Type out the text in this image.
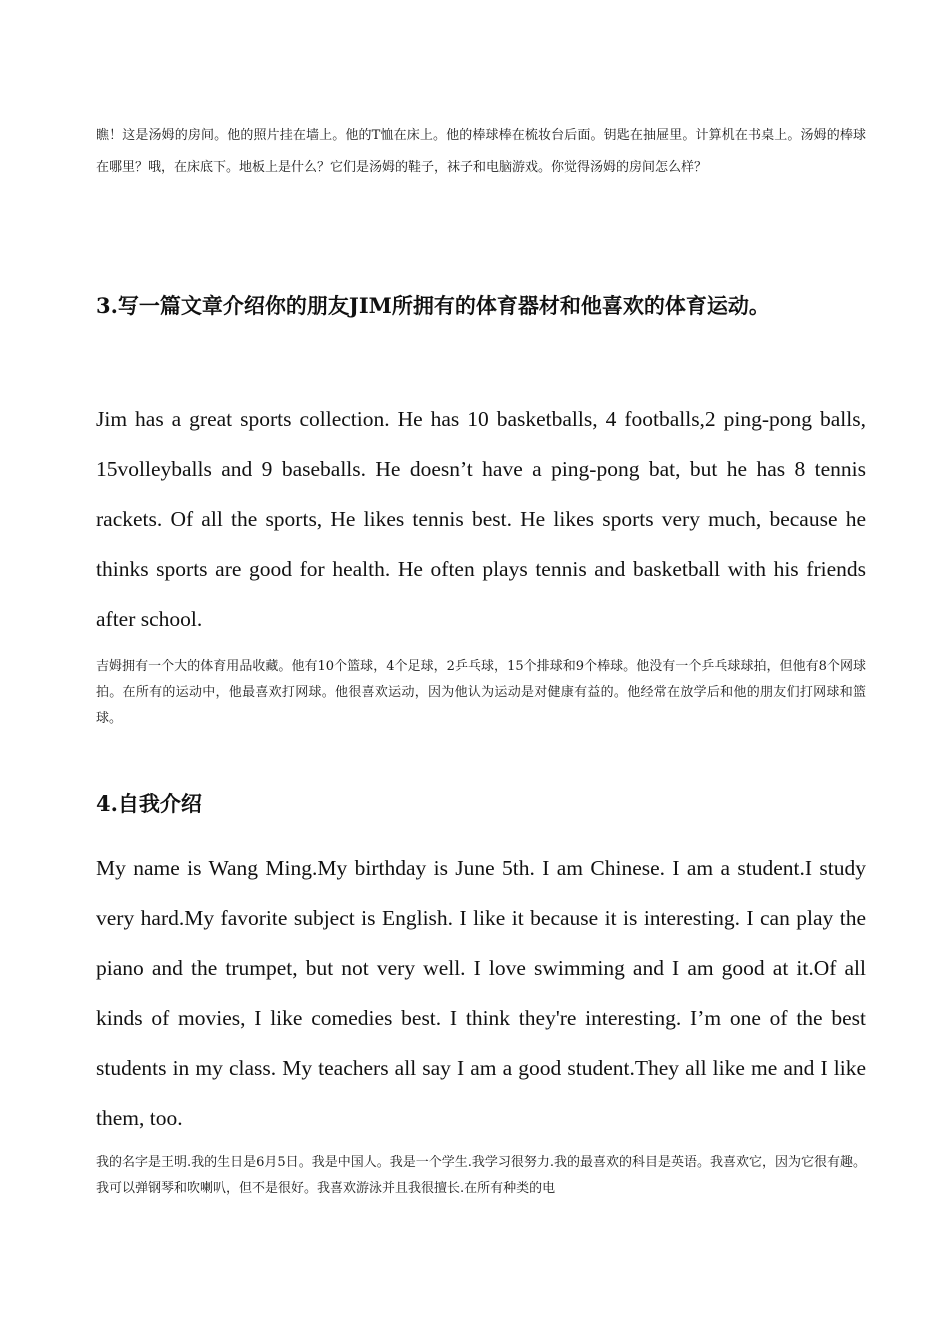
瞧！这是汤姆的房间。他的照片挂在墙上。他的T恤在床上。他的棒球棒在梳妆台后面。钥匙在抽屉里。计算机在书桌上。汤姆的棒球在哪里？哦，在床底下。地板上是什么？它们是汤姆的鞋子，袜子和电脑游戏。你觉得汤姆的房间怎么样？

3.写一篇文章介绍你的朋友JIM所拥有的体育器材和他喜欢的体育运动。

Jim has a great sports collection. He has 10 basketballs, 4 footballs,2 ping-pong balls, 15volleyballs and 9 baseballs. He doesn’t have a ping-pong bat, but he has 8 tennis rackets. Of all the sports, He likes tennis best. He likes sports very much, because he thinks sports are good for health. He often plays tennis and basketball with his friends after school.

吉姆拥有一个大的体育用品收藏。他有10个篮球，4个足球，2乒乓球，15个排球和9个棒球。他没有一个乒乓球球拍，但他有8个网球拍。在所有的运动中，他最喜欢打网球。他很喜欢运动，因为他认为运动是对健康有益的。他经常在放学后和他的朋友们打网球和篮球。

4.自我介绍

My name is Wang Ming.My birthday is June 5th. I am Chinese. I am a student.I study very hard.My favorite subject is English. I like it because it is interesting. I can play the piano and the trumpet, but not very well. I love swimming and I am good at it.Of all kinds of movies, I like comedies best. I think they're interesting. I’m one of the best students in my class. My teachers all say I am a good student.They all like me and I like them, too.

我的名字是王明.我的生日是6月5日。我是中国人。我是一个学生.我学习很努力.我的最喜欢的科目是英语。我喜欢它，因为它很有趣。我可以弹钢琴和吹喇叭，但不是很好。我喜欢游泳并且我很擅长.在所有种类的电
